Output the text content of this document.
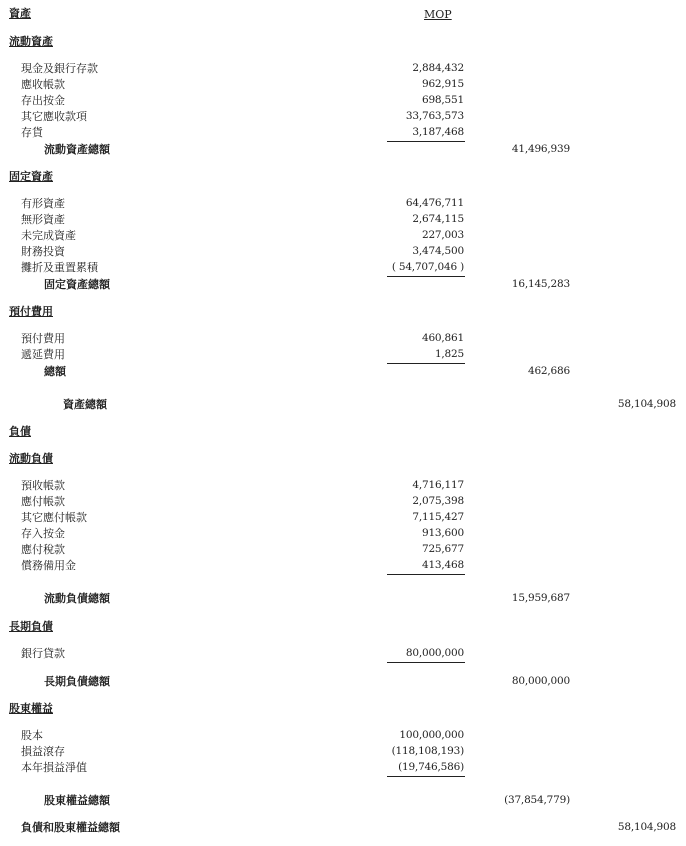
資產	MOP
流動資產
現金及銀行存款	2,884,432
應收帳款	962,915
存出按金	698,551
其它應收款項	33,763,573
存貨	3,187,468
流動資產總額	41,496,939
固定資產
有形資產	64,476,711
無形資產	2,674,115
未完成資產	227,003
財務投資	3,474,500
攤折及重置累積	( 54,707,046 )
固定資產總額	16,145,283
預付費用
預付費用	460,861
遞延費用	1,825
總額	462,686
資產總額	58,104,908
負債
流動負債
預收帳款	4,716,117
應付帳款	2,075,398
其它應付帳款	7,115,427
存入按金	913,600
應付稅款	725,677
償務備用金	413,468
流動負債總額	15,959,687
長期負債
銀行貸款	80,000,000
長期負債總額	80,000,000
股東權益
股本	100,000,000
損益滾存	(118,108,193)
本年損益淨值	(19,746,586)
股東權益總額	(37,854,779)
負債和股東權益總額	58,104,908
